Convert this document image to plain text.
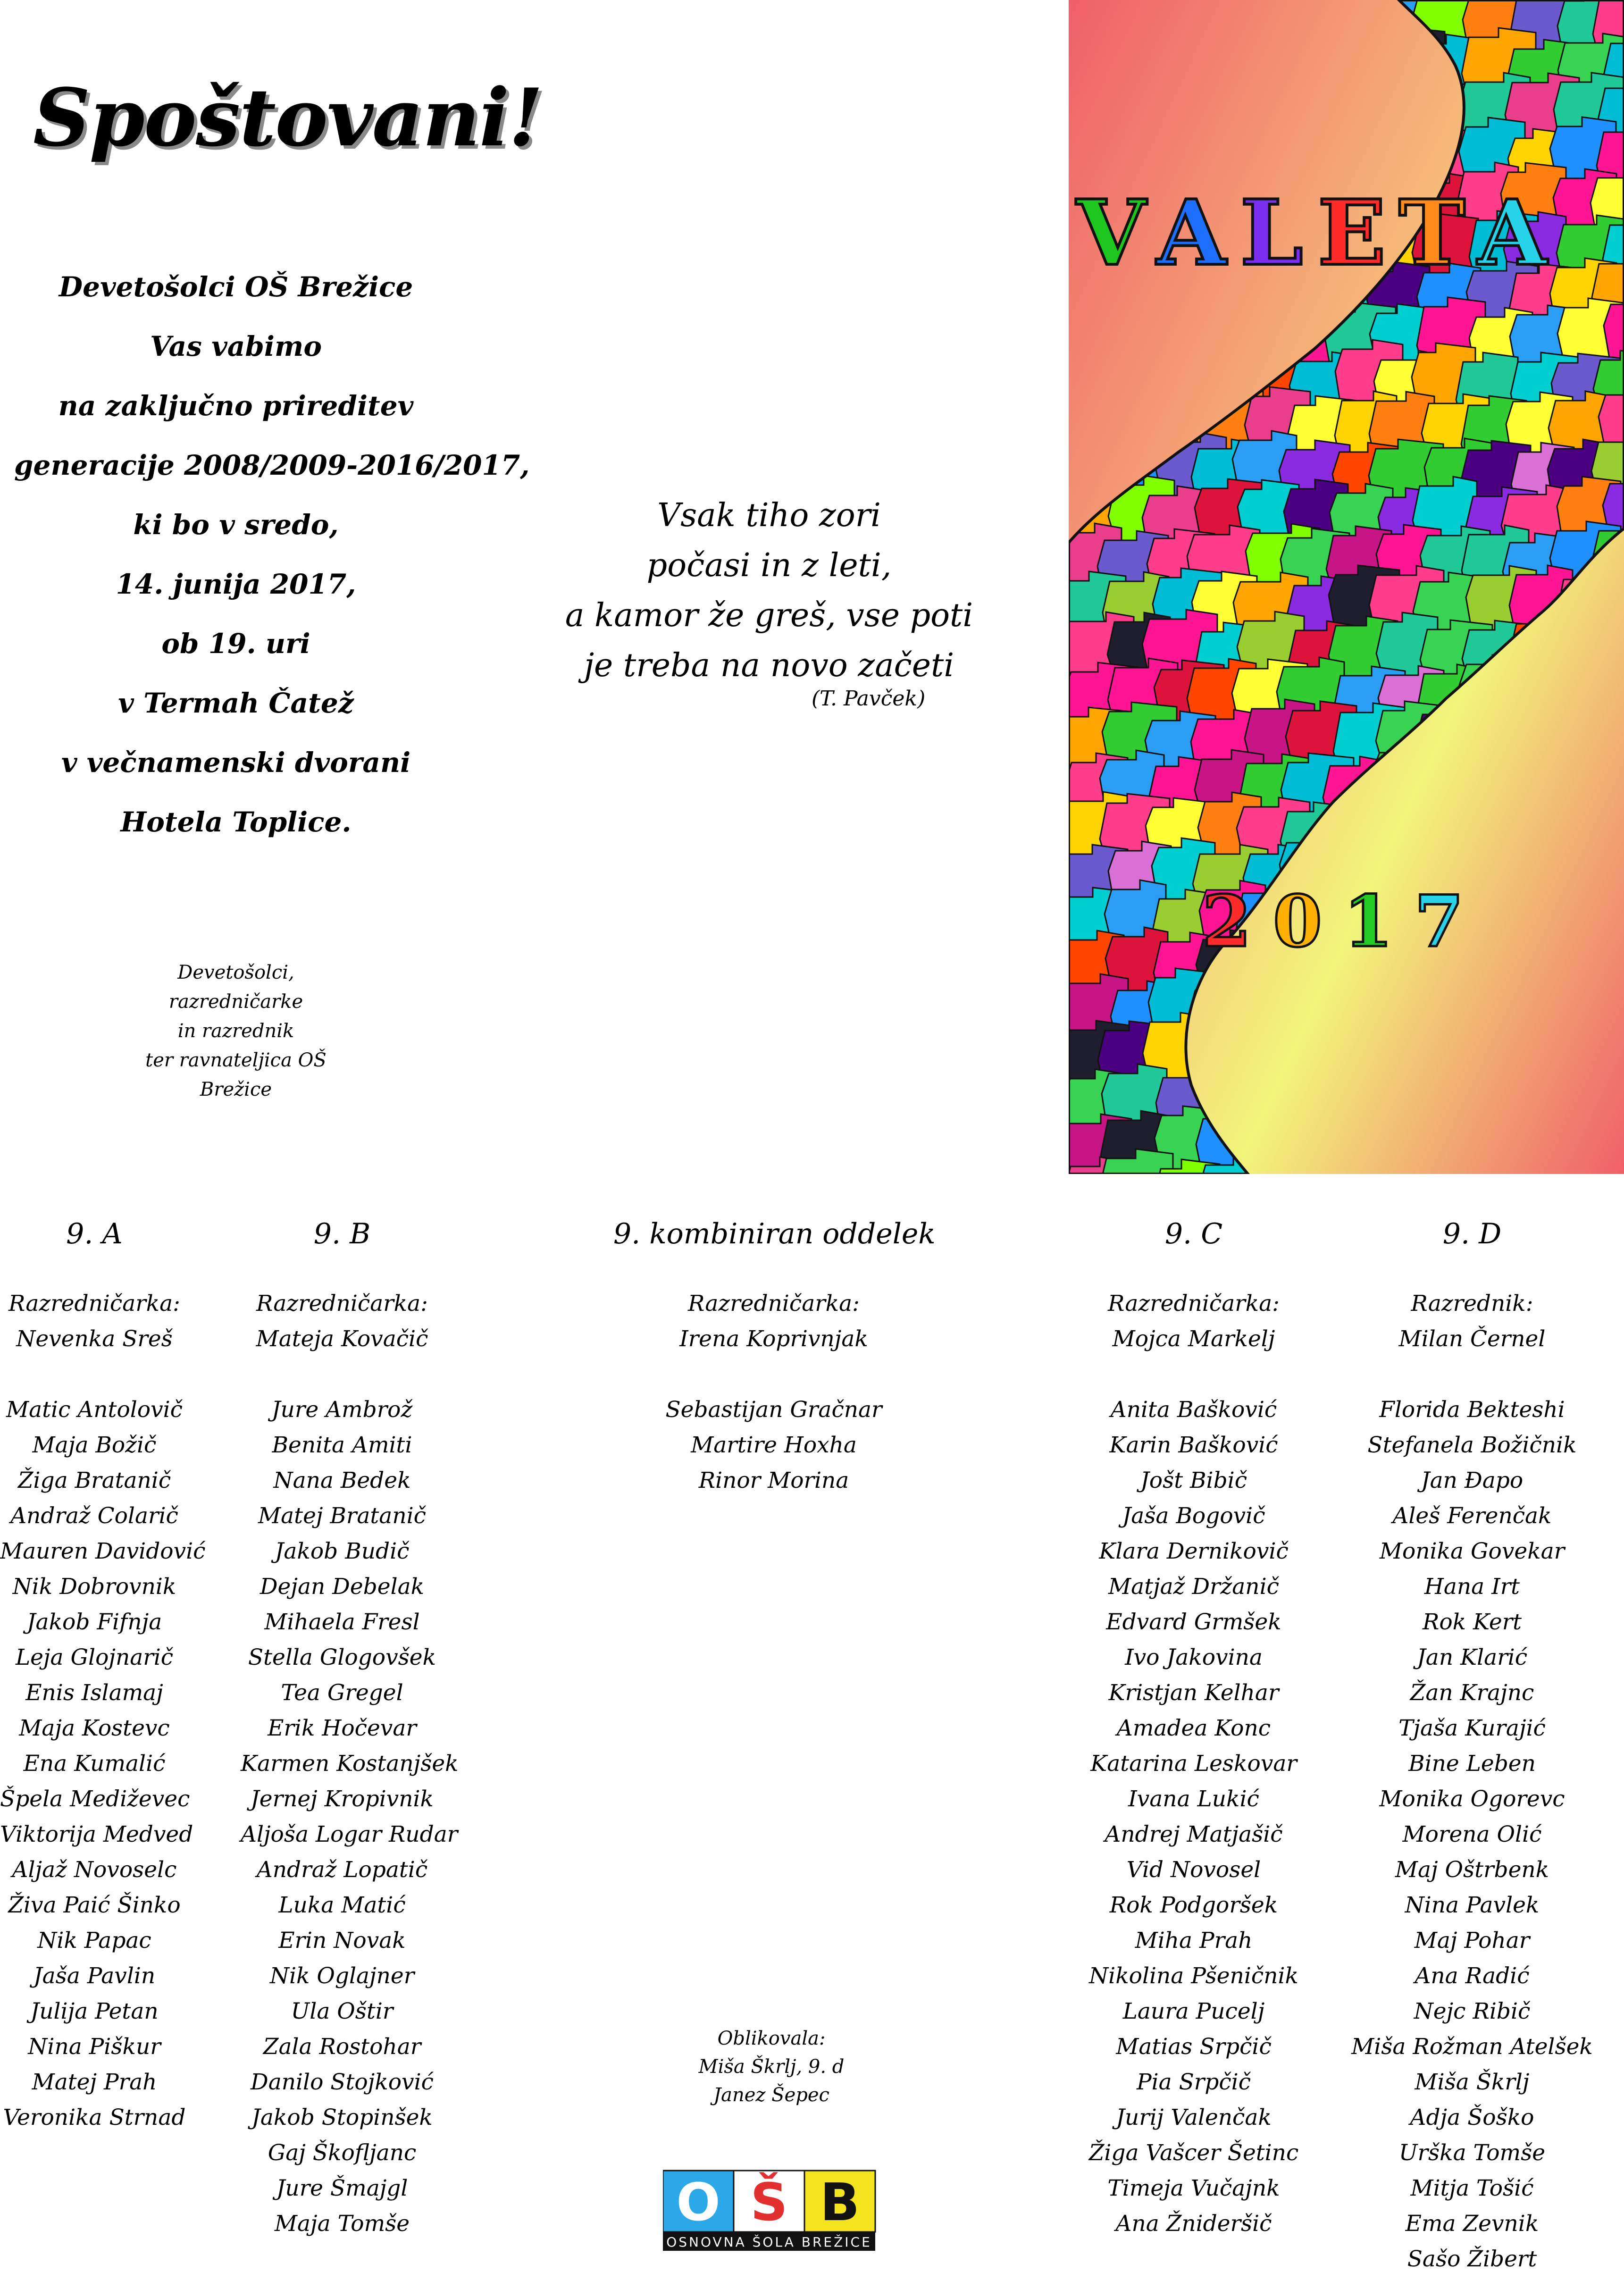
Spoštovani!
Devetošolci OŠ Brežice
Vas vabimo
na zaključno prireditev
generacije 2008/2009-2016/2017,
ki bo v sredo,
14. junija 2017,
ob 19. uri
v Termah Čatež
v večnamenski dvorani
Hotela Toplice.
Vsak tiho zori
počasi in z leti,
a kamor že greš, vse poti
je treba na novo začeti
(T. Pavček)
Devetošolci,
razredničarke
in razrednik
ter ravnateljica OŠ Brežice
V A L E T A
2 0 1 7
9. A
Razredničarka:
Nevenka Sreš
Matic Antolovič
Maja Božič
Žiga Bratanič
Andraž Colarič
Mauren Davidović
Nik Dobrovnik
Jakob Fifnja
Leja Glojnarič
Enis Islamaj
Maja Kostevc
Ena Kumalić
Špela Mediževec
Viktorija Medved
Aljaž Novoselc
Živa Paić Šinko
Nik Papac
Jaša Pavlin
Julija Petan
Nina Piškur
Matej Prah
Veronika Strnad
9. B
Razredničarka:
Mateja Kovačič
Jure Ambrož
Benita Amiti
Nana Bedek
Matej Bratanič
Jakob Budič
Dejan Debelak
Mihaela Fresl
Stella Glogovšek
Tea Gregel
Erik Hočevar
Karmen Kostanjšek
Jernej Kropivnik
Aljoša Logar Rudar
Andraž Lopatič
Luka Matić
Erin Novak
Nik Oglajner
Ula Oštir
Zala Rostohar
Danilo Stojković
Jakob Stopinšek
Gaj Škofljanc
Jure Šmajgl
Maja Tomše
9. kombiniran oddelek
Razredničarka:
Irena Koprivnjak
Sebastijan Gračnar
Martire Hoxha
Rinor Morina
9. C
Razredničarka:
Mojca Markelj
Anita Bašković
Karin Bašković
Jošt Bibič
Jaša Bogovič
Klara Dernikovič
Matjaž Držanič
Edvard Grmšek
Ivo Jakovina
Kristjan Kelhar
Amadea Konc
Katarina Leskovar
Ivana Lukić
Andrej Matjašič
Vid Novosel
Rok Podgoršek
Miha Prah
Nikolina Pšeničnik
Laura Pucelj
Matias Srpčič
Pia Srpčič
Jurij Valenčak
Žiga Vašcer Šetinc
Timeja Vučajnk
Ana Žnideršič
9. D
Razrednik:
Milan Černel
Florida Bekteshi
Stefanela Božičnik
Jan Đapo
Aleš Ferenčak
Monika Govekar
Hana Irt
Rok Kert
Jan Klarić
Žan Krajnc
Tjaša Kurajić
Bine Leben
Monika Ogorevc
Morena Olić
Maj Oštrbenk
Nina Pavlek
Maj Pohar
Ana Radić
Nejc Ribič
Miša Rožman Atelšek
Miša Škrlj
Adja Šoško
Urška Tomše
Mitja Tošić
Ema Zevnik
Sašo Žibert
Oblikovala:
Miša Škrlj, 9. d
Janez Šepec
O Š B
OSNOVNA ŠOLA BREŽICE
